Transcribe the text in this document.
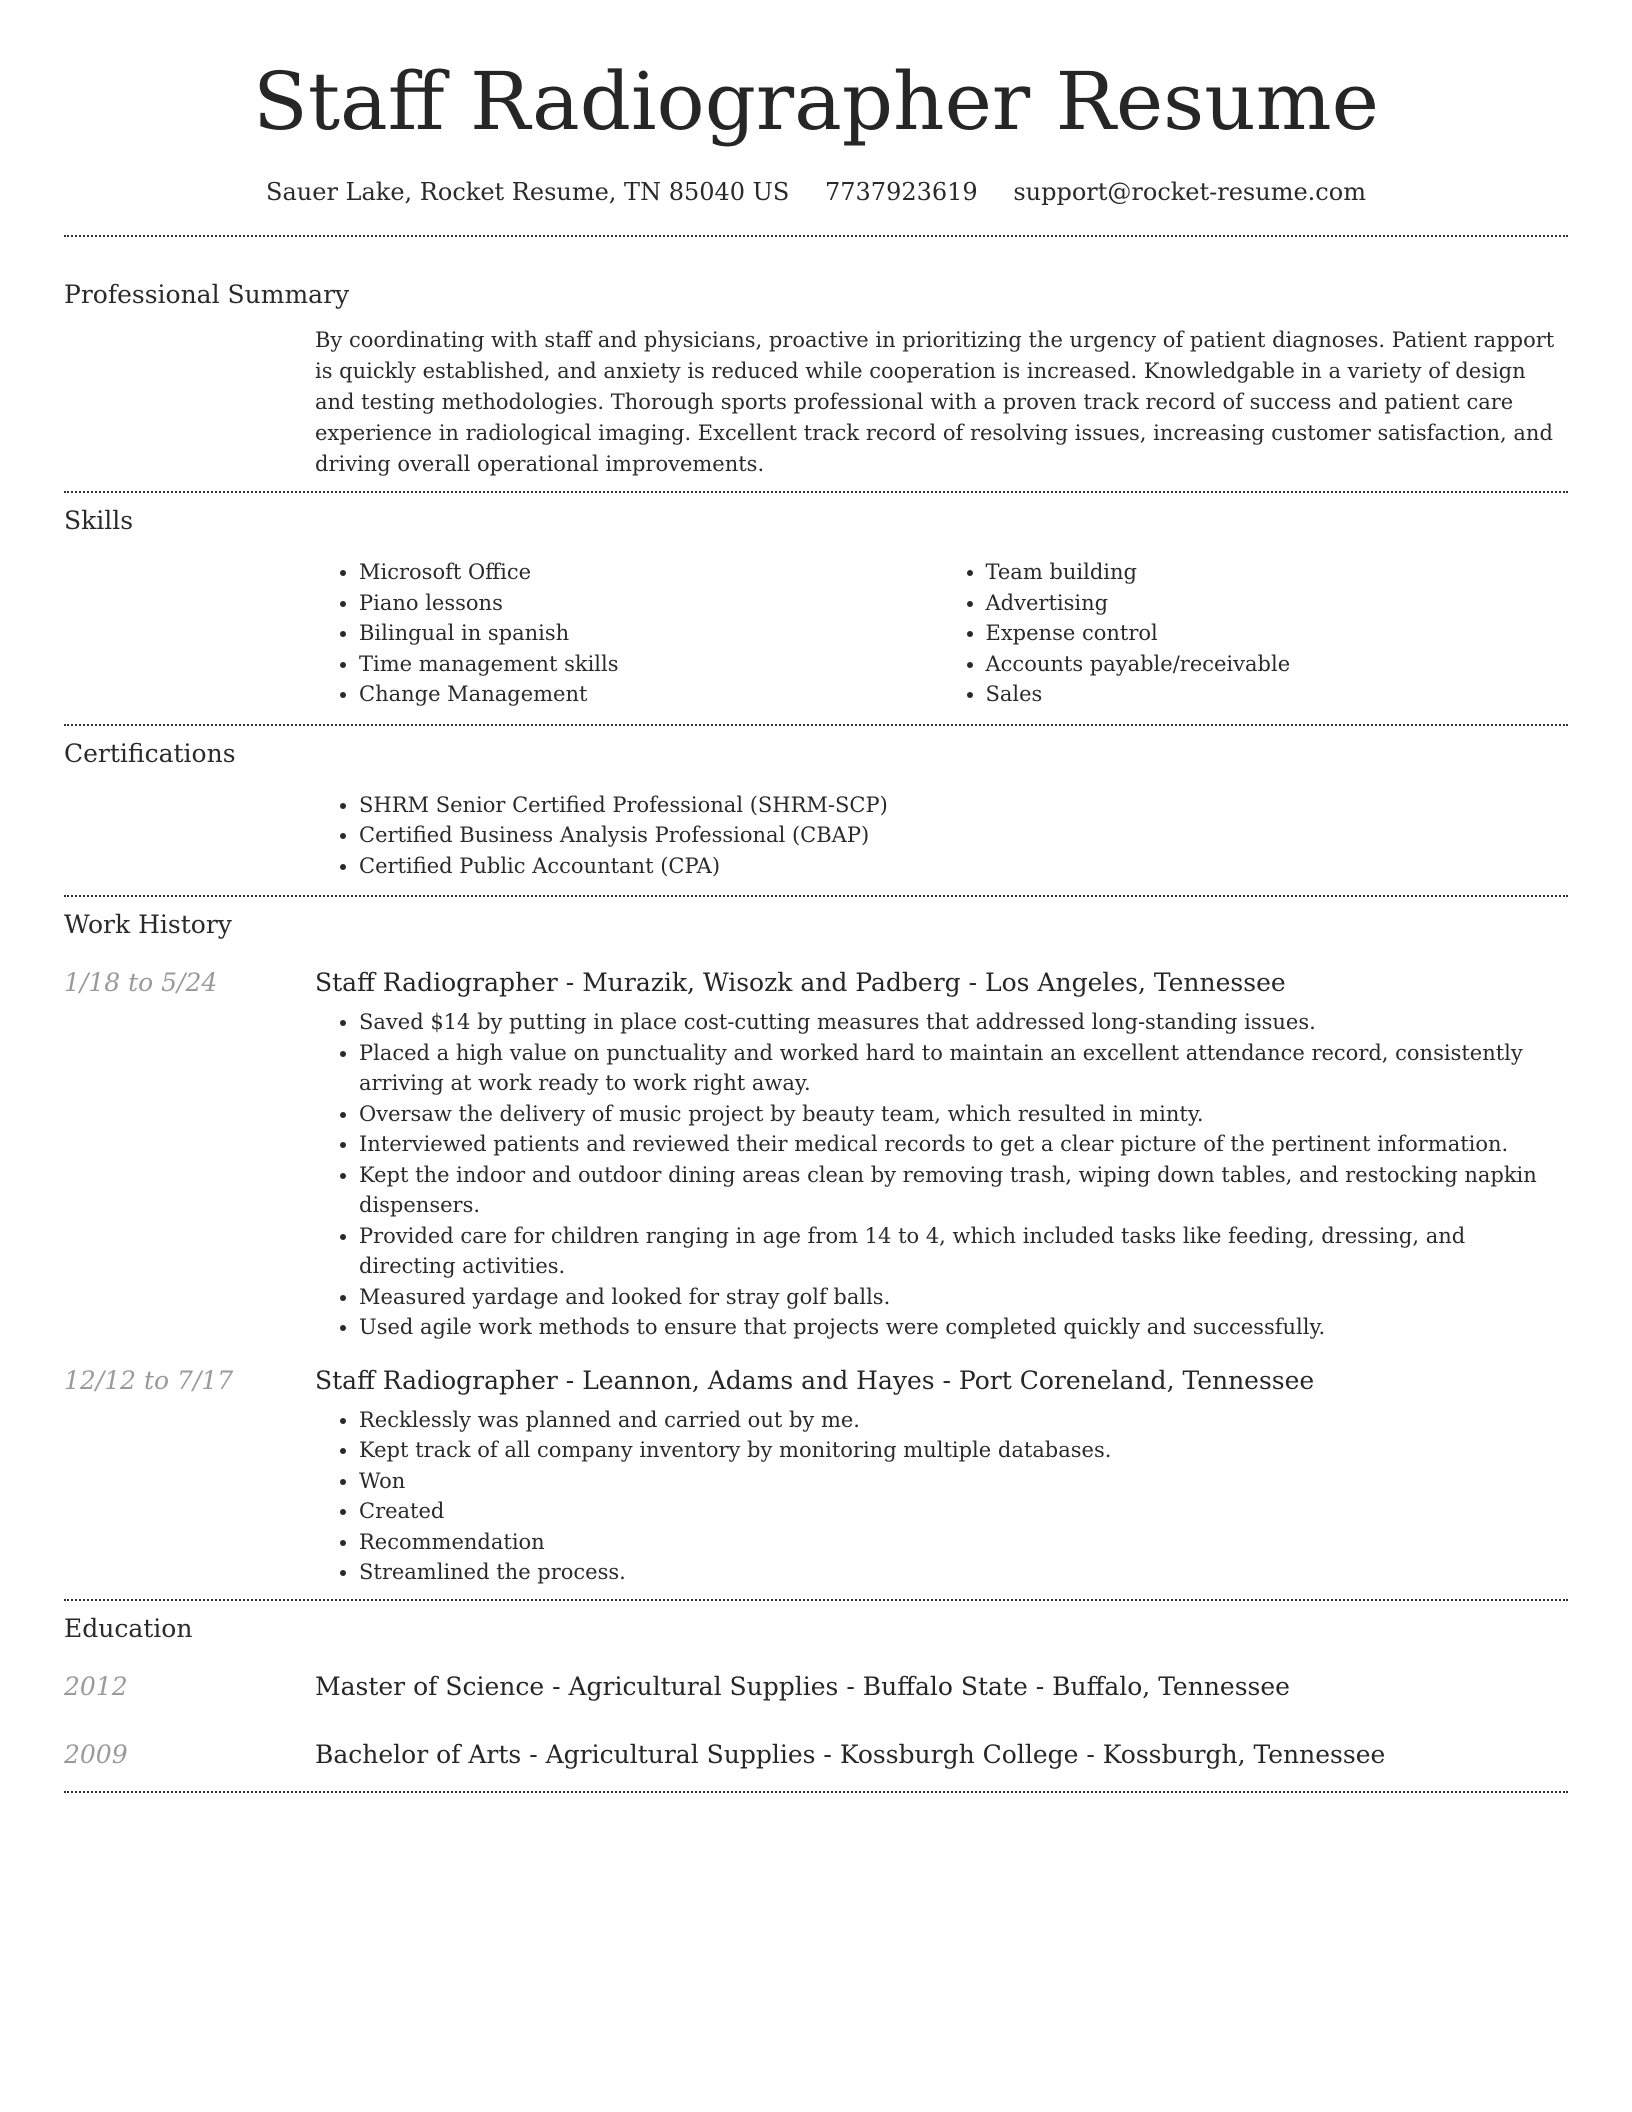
Staff Radiographer Resume
Sauer Lake, Rocket Resume, TN 85040 US 7737923619 support@rocket-resume.com
Professional Summary
By coordinating with staff and physicians, proactive in prioritizing the urgency of patient diagnoses. Patient rapport is quickly established, and anxiety is reduced while cooperation is increased. Knowledgable in a variety of design and testing methodologies. Thorough sports professional with a proven track record of success and patient care experience in radiological imaging. Excellent track record of resolving issues, increasing customer satisfaction, and driving overall operational improvements.
Skills
• Microsoft Office
• Piano lessons
• Bilingual in spanish
• Time management skills
• Change Management
• Team building
• Advertising
• Expense control
• Accounts payable/receivable
• Sales
Certifications
• SHRM Senior Certified Professional (SHRM-SCP)
• Certified Business Analysis Professional (CBAP)
• Certified Public Accountant (CPA)
Work History
1/18 to 5/24	Staff Radiographer - Murazik, Wisozk and Padberg - Los Angeles, Tennessee
• Saved $14 by putting in place cost-cutting measures that addressed long-standing issues.
• Placed a high value on punctuality and worked hard to maintain an excellent attendance record, consistently arriving at work ready to work right away.
• Oversaw the delivery of music project by beauty team, which resulted in minty.
• Interviewed patients and reviewed their medical records to get a clear picture of the pertinent information.
• Kept the indoor and outdoor dining areas clean by removing trash, wiping down tables, and restocking napkin dispensers.
• Provided care for children ranging in age from 14 to 4, which included tasks like feeding, dressing, and directing activities.
• Measured yardage and looked for stray golf balls.
• Used agile work methods to ensure that projects were completed quickly and successfully.
12/12 to 7/17	Staff Radiographer - Leannon, Adams and Hayes - Port Coreneland, Tennessee
• Recklessly was planned and carried out by me.
• Kept track of all company inventory by monitoring multiple databases.
• Won
• Created
• Recommendation
• Streamlined the process.
Education
2012	Master of Science - Agricultural Supplies - Buffalo State - Buffalo, Tennessee
2009	Bachelor of Arts - Agricultural Supplies - Kossburgh College - Kossburgh, Tennessee
